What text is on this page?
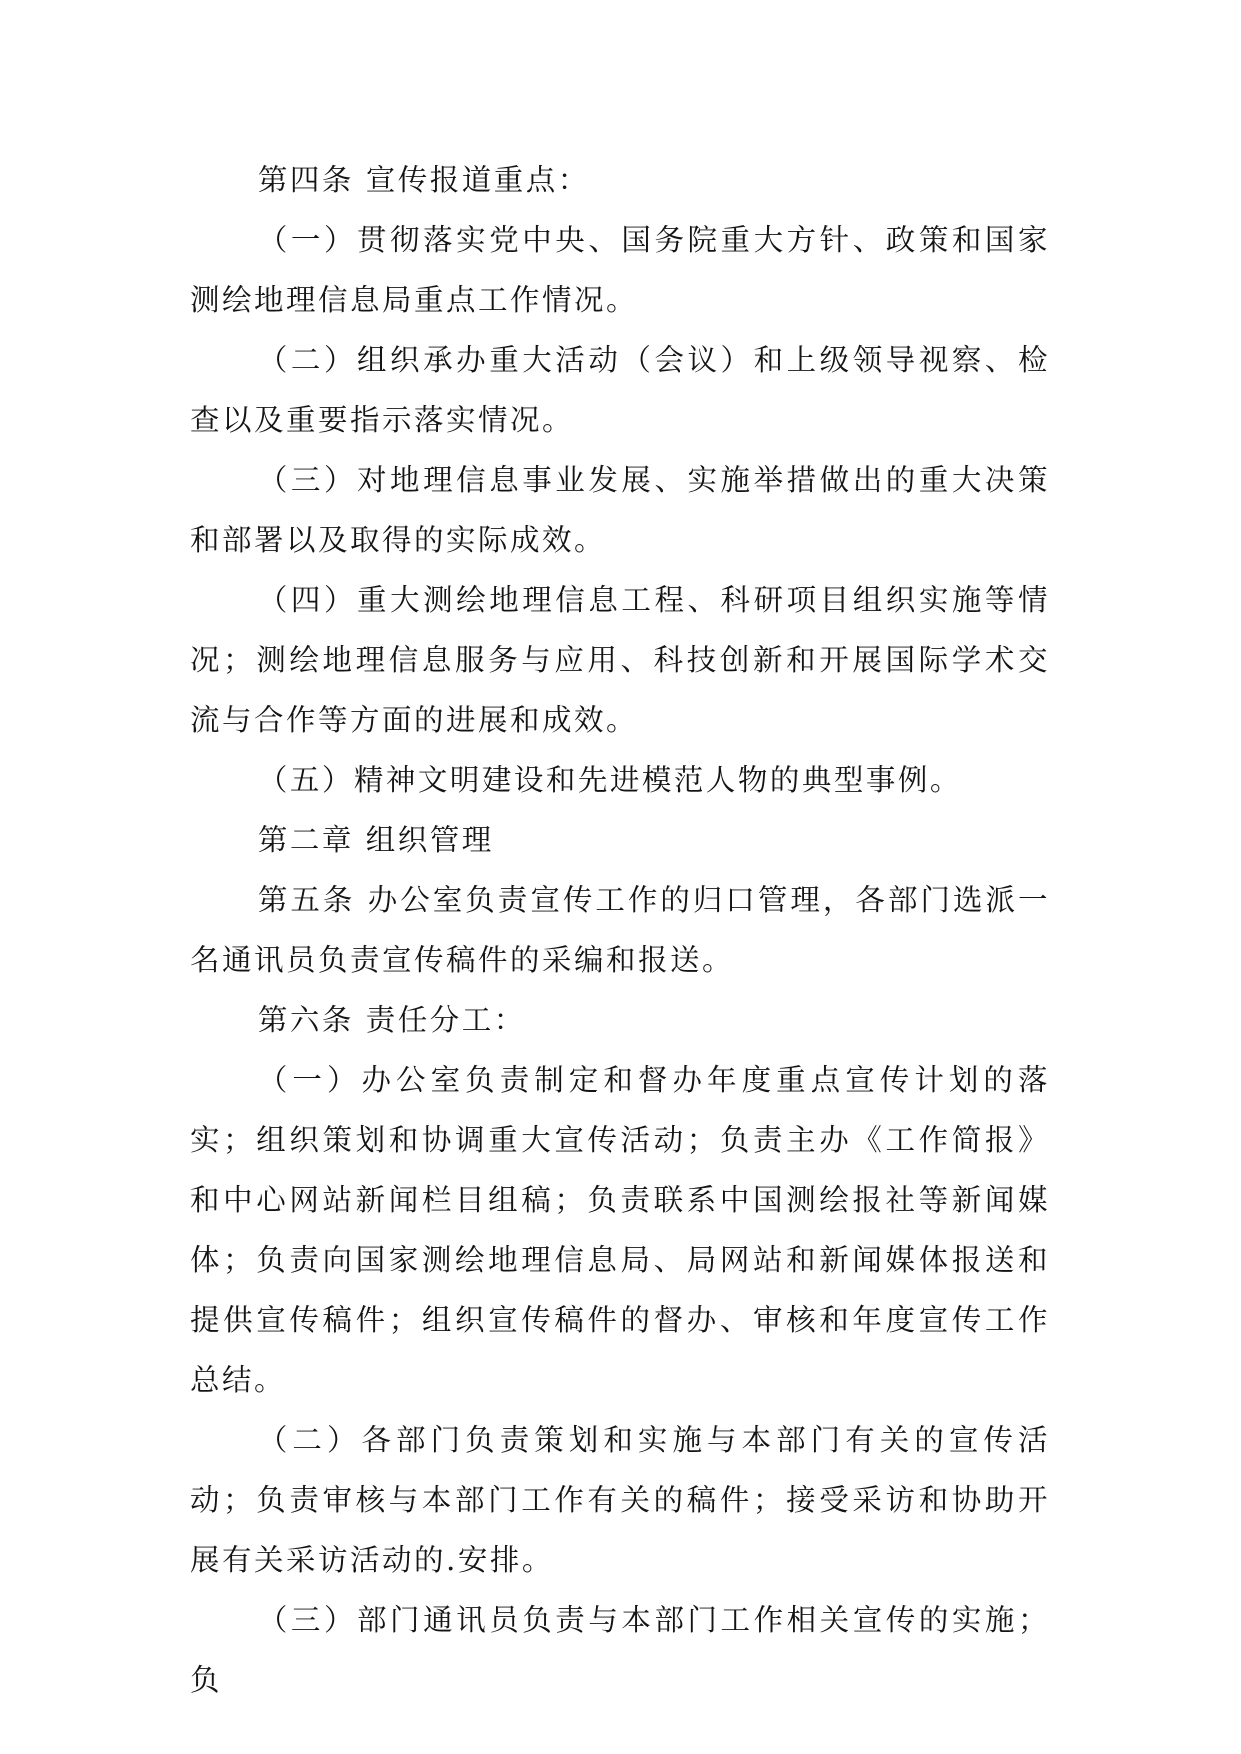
第四条 宣传报道重点：

（一）贯彻落实党中央、国务院重大方针、政策和国家测绘地理信息局重点工作情况。

（二）组织承办重大活动（会议）和上级领导视察、检查以及重要指示落实情况。

（三）对地理信息事业发展、实施举措做出的重大决策和部署以及取得的实际成效。

（四）重大测绘地理信息工程、科研项目组织实施等情况；测绘地理信息服务与应用、科技创新和开展国际学术交流与合作等方面的进展和成效。

（五）精神文明建设和先进模范人物的典型事例。

第二章 组织管理

第五条 办公室负责宣传工作的归口管理，各部门选派一名通讯员负责宣传稿件的采编和报送。

第六条 责任分工：

（一）办公室负责制定和督办年度重点宣传计划的落实；组织策划和协调重大宣传活动；负责主办《工作简报》和中心网站新闻栏目组稿；负责联系中国测绘报社等新闻媒体；负责向国家测绘地理信息局、局网站和新闻媒体报送和提供宣传稿件；组织宣传稿件的督办、审核和年度宣传工作总结。

（二）各部门负责策划和实施与本部门有关的宣传活动；负责审核与本部门工作有关的稿件；接受采访和协助开展有关采访活动的.安排。

（三）部门通讯员负责与本部门工作相关宣传的实施；负
